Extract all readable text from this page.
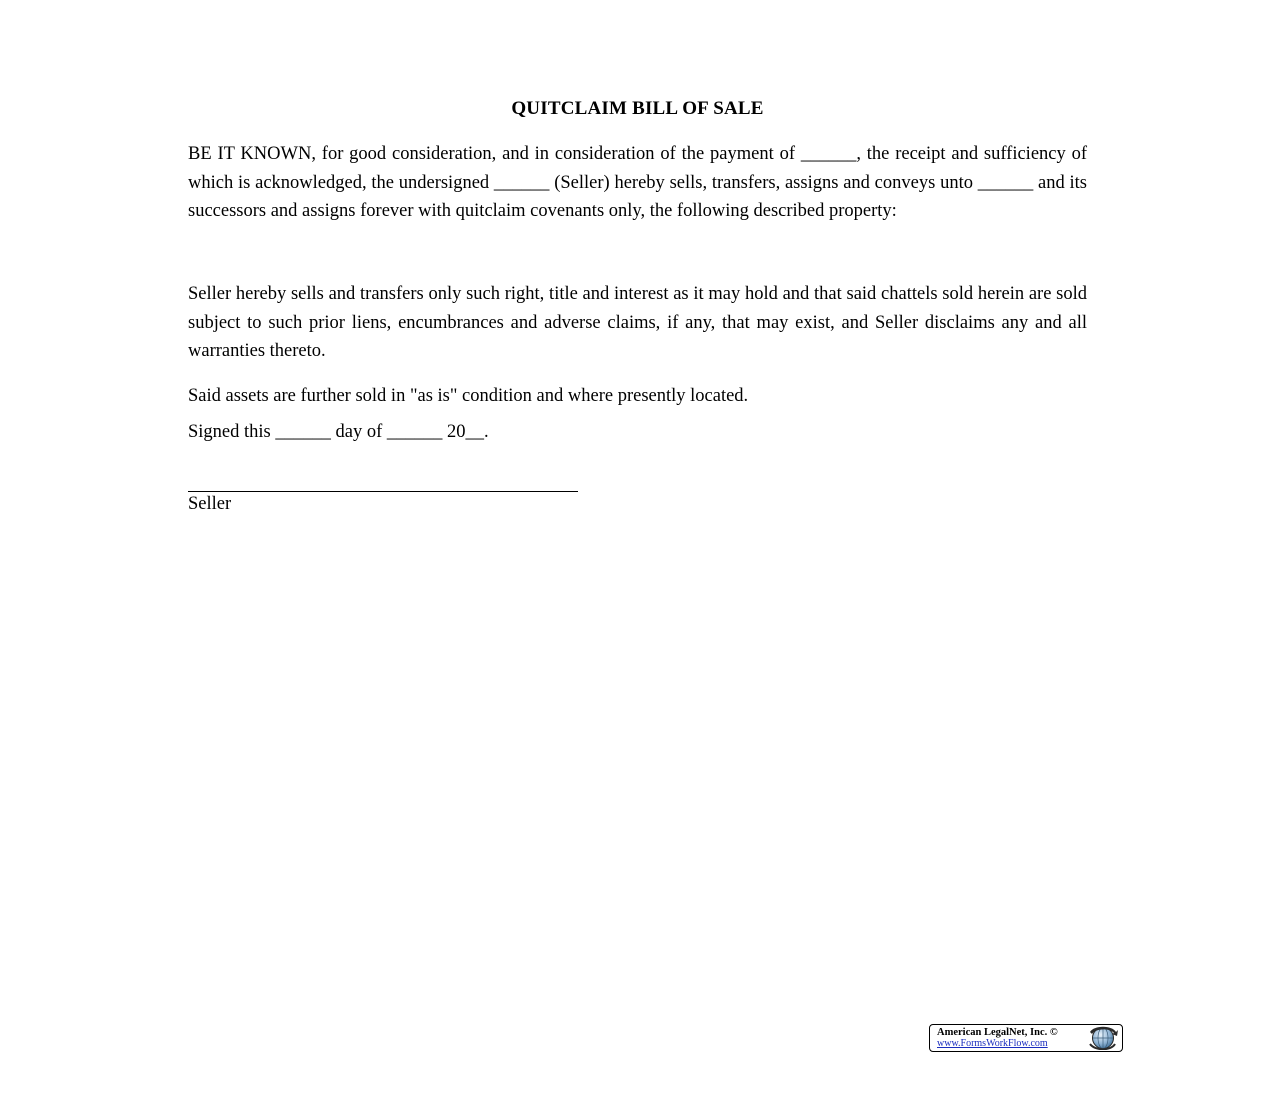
QUITCLAIM BILL OF SALE
BE IT KNOWN, for good consideration, and in consideration of the payment of ______, the receipt and sufficiency of which is acknowledged, the undersigned ______ (Seller) hereby sells, transfers, assigns and conveys unto ______ and its successors and assigns forever with quitclaim covenants only, the following described property:
Seller hereby sells and transfers only such right, title and interest as it may hold and that said chattels sold herein are sold subject to such prior liens, encumbrances and adverse claims, if any, that may exist, and Seller disclaims any and all warranties thereto.
Said assets are further sold in "as is" condition and where presently located.
Signed this ______ day of ______ 20__.
Seller
American LegalNet, Inc. ©
www.FormsWorkFlow.com
